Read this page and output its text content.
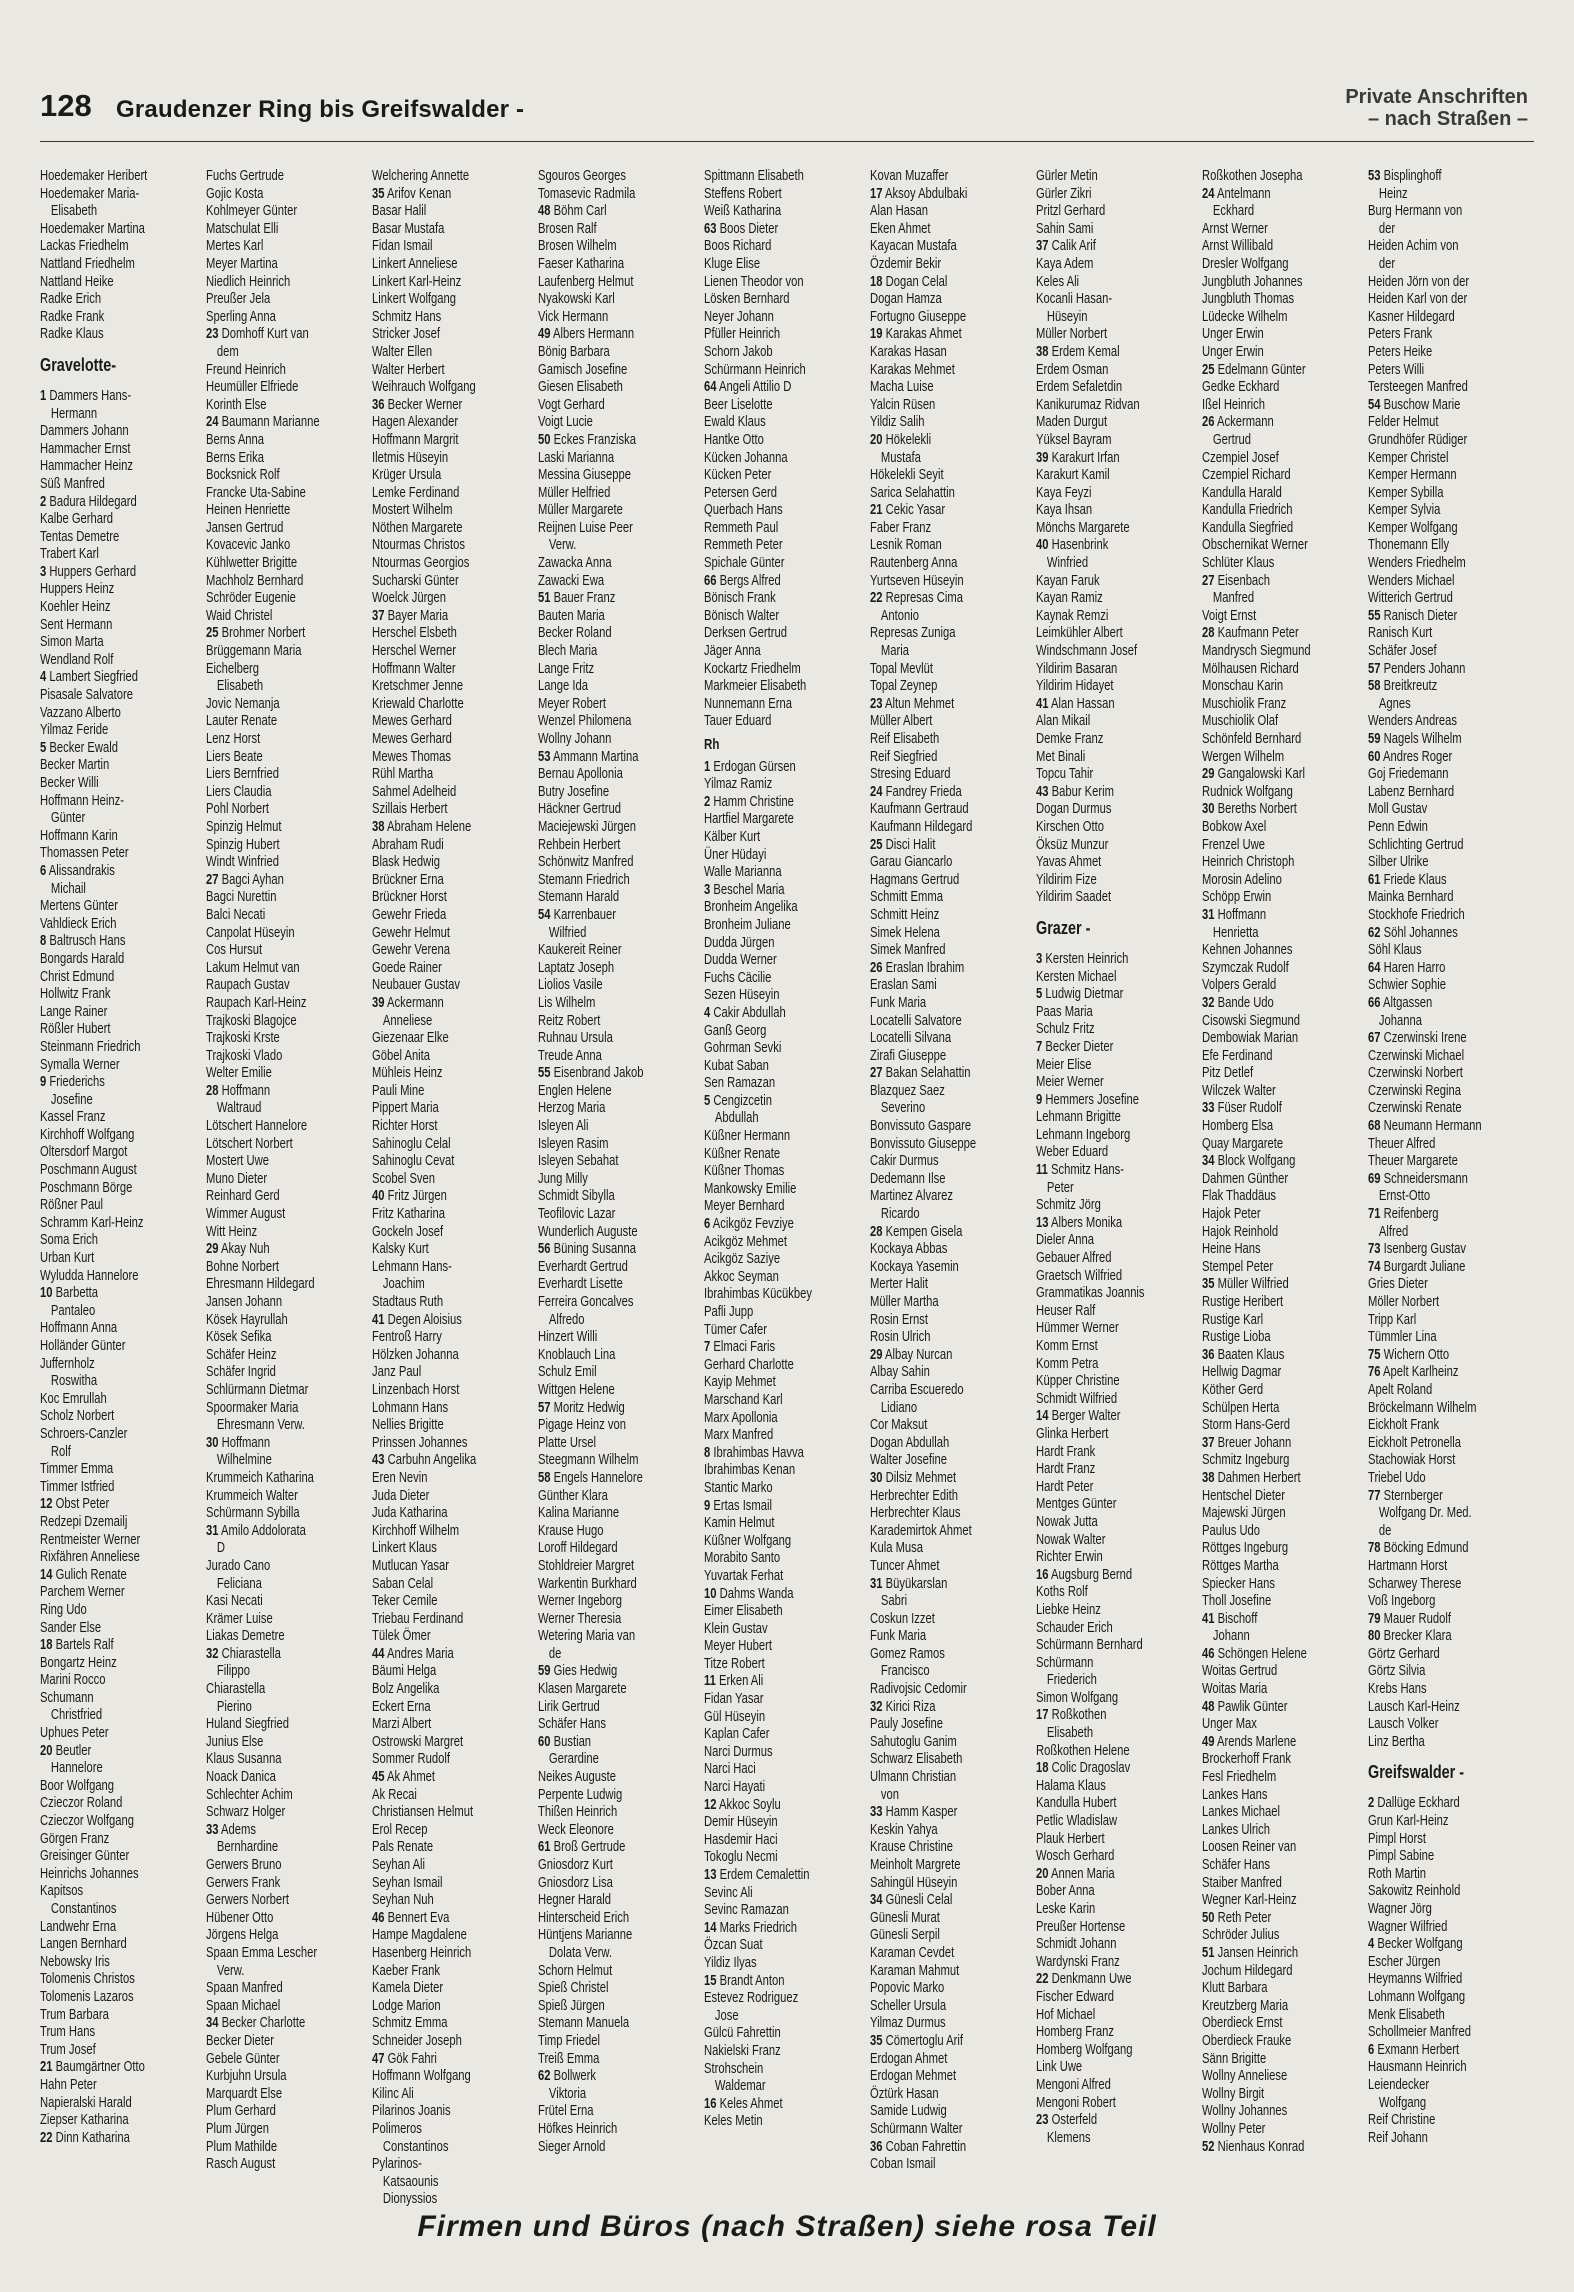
128 Graudenzer Ring bis Greifswalder -	Private Anschriften
– nach Straßen –
Hoedemaker Heribert
Hoedemaker Maria-
Elisabeth
Hoedemaker Martina
Lackas Friedhelm
Nattland Friedhelm
Nattland Heike
Radke Erich
Radke Frank
Radke Klaus
Gravelotte-
1 Dammers Hans-
Hermann
Dammers Johann
Hammacher Ernst
Hammacher Heinz
Süß Manfred
2 Badura Hildegard
Kalbe Gerhard
Tentas Demetre
Trabert Karl
3 Huppers Gerhard
Huppers Heinz
Koehler Heinz
Sent Hermann
Simon Marta
Wendland Rolf
4 Lambert Siegfried
Pisasale Salvatore
Vazzano Alberto
Yilmaz Feride
5 Becker Ewald
Becker Martin
Becker Willi
Hoffmann Heinz-
Günter
Hoffmann Karin
Thomassen Peter
6 Alissandrakis
Michail
Mertens Günter
Vahldieck Erich
8 Baltrusch Hans
Bongards Harald
Christ Edmund
Hollwitz Frank
Lange Rainer
Rößler Hubert
Steinmann Friedrich
Symalla Werner
9 Friederichs
Josefine
Kassel Franz
Kirchhoff Wolfgang
Oltersdorf Margot
Poschmann August
Poschmann Börge
Rößner Paul
Schramm Karl-Heinz
Soma Erich
Urban Kurt
Wyludda Hannelore
10 Barbetta
Pantaleo
Hoffmann Anna
Holländer Günter
Juffernholz
Roswitha
Koc Emrullah
Scholz Norbert
Schroers-Canzler
Rolf
Timmer Emma
Timmer Istfried
12 Obst Peter
Redzepi Dzemailj
Rentmeister Werner
Rixfähren Anneliese
14 Gulich Renate
Parchem Werner
Ring Udo
Sander Else
18 Bartels Ralf
Bongartz Heinz
Marini Rocco
Schumann
Christfried
Uphues Peter
20 Beutler
Hannelore
Boor Wolfgang
Czieczor Roland
Czieczor Wolfgang
Görgen Franz
Greisinger Günter
Heinrichs Johannes
Kapitsos
Constantinos
Landwehr Erna
Langen Bernhard
Nebowsky Iris
Tolomenis Christos
Tolomenis Lazaros
Trum Barbara
Trum Hans
Trum Josef
21 Baumgärtner Otto
Hahn Peter
Napieralski Harald
Ziepser Katharina
22 Dinn Katharina
Fuchs Gertrude
Gojic Kosta
Kohlmeyer Günter
Matschulat Elli
Mertes Karl
Meyer Martina
Niedlich Heinrich
Preußer Jela
Sperling Anna
23 Domhoff Kurt van
dem
Freund Heinrich
Heumüller Elfriede
Korinth Else
24 Baumann Marianne
Berns Anna
Berns Erika
Bocksnick Rolf
Francke Uta-Sabine
Heinen Henriette
Jansen Gertrud
Kovacevic Janko
Kühlwetter Brigitte
Machholz Bernhard
Schröder Eugenie
Waid Christel
25 Brohmer Norbert
Brüggemann Maria
Eichelberg
Elisabeth
Jovic Nemanja
Lauter Renate
Lenz Horst
Liers Beate
Liers Bernfried
Liers Claudia
Pohl Norbert
Spinzig Helmut
Spinzig Hubert
Windt Winfried
27 Bagci Ayhan
Bagci Nurettin
Balci Necati
Canpolat Hüseyin
Cos Hursut
Lakum Helmut van
Raupach Gustav
Raupach Karl-Heinz
Trajkoski Blagojce
Trajkoski Krste
Trajkoski Vlado
Welter Emilie
28 Hoffmann
Waltraud
Lötschert Hannelore
Lötschert Norbert
Mostert Uwe
Muno Dieter
Reinhard Gerd
Wimmer August
Witt Heinz
29 Akay Nuh
Bohne Norbert
Ehresmann Hildegard
Jansen Johann
Kösek Hayrullah
Kösek Sefika
Schäfer Heinz
Schäfer Ingrid
Schlürmann Dietmar
Spoormaker Maria
Ehresmann Verw.
30 Hoffmann
Wilhelmine
Krummeich Katharina
Krummeich Walter
Schürmann Sybilla
31 Amilo Addolorata
D
Jurado Cano
Feliciana
Kasi Necati
Krämer Luise
Liakas Demetre
32 Chiarastella
Filippo
Chiarastella
Pierino
Huland Siegfried
Junius Else
Klaus Susanna
Noack Danica
Schlechter Achim
Schwarz Holger
33 Adems
Bernhardine
Gerwers Bruno
Gerwers Frank
Gerwers Norbert
Hübener Otto
Jörgens Helga
Spaan Emma Lescher
Verw.
Spaan Manfred
Spaan Michael
34 Becker Charlotte
Becker Dieter
Gebele Günter
Kurbjuhn Ursula
Marquardt Else
Plum Gerhard
Plum Jürgen
Plum Mathilde
Rasch August
Welchering Annette
35 Arifov Kenan
Basar Halil
Basar Mustafa
Fidan Ismail
Linkert Anneliese
Linkert Karl-Heinz
Linkert Wolfgang
Schmitz Hans
Stricker Josef
Walter Ellen
Walter Herbert
Weihrauch Wolfgang
36 Becker Werner
Hagen Alexander
Hoffmann Margrit
Iletmis Hüseyin
Krüger Ursula
Lemke Ferdinand
Mostert Wilhelm
Nöthen Margarete
Ntourmas Christos
Ntourmas Georgios
Sucharski Günter
Woelck Jürgen
37 Bayer Maria
Herschel Elsbeth
Herschel Werner
Hoffmann Walter
Kretschmer Jenne
Kriewald Charlotte
Mewes Gerhard
Mewes Gerhard
Mewes Thomas
Rühl Martha
Sahmel Adelheid
Szillais Herbert
38 Abraham Helene
Abraham Rudi
Blask Hedwig
Brückner Erna
Brückner Horst
Gewehr Frieda
Gewehr Helmut
Gewehr Verena
Goede Rainer
Neubauer Gustav
39 Ackermann
Anneliese
Giezenaar Elke
Göbel Anita
Mühleis Heinz
Pauli Mine
Pippert Maria
Richter Horst
Sahinoglu Celal
Sahinoglu Cevat
Scobel Sven
40 Fritz Jürgen
Fritz Katharina
Gockeln Josef
Kalsky Kurt
Lehmann Hans-
Joachim
Stadtaus Ruth
41 Degen Aloisius
Fentroß Harry
Hölzken Johanna
Janz Paul
Linzenbach Horst
Lohmann Hans
Nellies Brigitte
Prinssen Johannes
43 Carbuhn Angelika
Eren Nevin
Juda Dieter
Juda Katharina
Kirchhoff Wilhelm
Linkert Klaus
Mutlucan Yasar
Saban Celal
Teker Cemile
Triebau Ferdinand
Tülek Ömer
44 Andres Maria
Bäumi Helga
Bolz Angelika
Eckert Erna
Marzi Albert
Ostrowski Margret
Sommer Rudolf
45 Ak Ahmet
Ak Recai
Christiansen Helmut
Erol Recep
Pals Renate
Seyhan Ali
Seyhan Ismail
Seyhan Nuh
46 Bennert Eva
Hampe Magdalene
Hasenberg Heinrich
Kaeber Frank
Kamela Dieter
Lodge Marion
Schmitz Emma
Schneider Joseph
47 Gök Fahri
Hoffmann Wolfgang
Kilinc Ali
Pilarinos Joanis
Polimeros
Constantinos
Pylarinos-
Katsaounis
Dionyssios
Sgouros Georges
Tomasevic Radmila
48 Böhm Carl
Brosen Ralf
Brosen Wilhelm
Faeser Katharina
Laufenberg Helmut
Nyakowski Karl
Vick Hermann
49 Albers Hermann
Bönig Barbara
Gamisch Josefine
Giesen Elisabeth
Vogt Gerhard
Voigt Lucie
50 Eckes Franziska
Laski Marianna
Messina Giuseppe
Müller Helfried
Müller Margarete
Reijnen Luise Peer
Verw.
Zawacka Anna
Zawacki Ewa
51 Bauer Franz
Bauten Maria
Becker Roland
Blech Maria
Lange Fritz
Lange Ida
Meyer Robert
Wenzel Philomena
Wollny Johann
53 Ammann Martina
Bernau Apollonia
Butry Josefine
Häckner Gertrud
Maciejewski Jürgen
Rehbein Herbert
Schönwitz Manfred
Stemann Friedrich
Stemann Harald
54 Karrenbauer
Wilfried
Kaukereit Reiner
Laptatz Joseph
Liolios Vasile
Lis Wilhelm
Reitz Robert
Ruhnau Ursula
Treude Anna
55 Eisenbrand Jakob
Englen Helene
Herzog Maria
Isleyen Ali
Isleyen Rasim
Isleyen Sebahat
Jung Milly
Schmidt Sibylla
Teofilovic Lazar
Wunderlich Auguste
56 Büning Susanna
Everhardt Gertrud
Everhardt Lisette
Ferreira Goncalves
Alfredo
Hinzert Willi
Knoblauch Lina
Schulz Emil
Wittgen Helene
57 Moritz Hedwig
Pigage Heinz von
Platte Ursel
Steegmann Wilhelm
58 Engels Hannelore
Günther Klara
Kalina Marianne
Krause Hugo
Loroff Hildegard
Stohldreier Margret
Warkentin Burkhard
Werner Ingeborg
Werner Theresia
Wetering Maria van
de
59 Gies Hedwig
Klasen Margarete
Lirik Gertrud
Schäfer Hans
60 Bustian
Gerardine
Neikes Auguste
Perpente Ludwig
Thißen Heinrich
Weck Eleonore
61 Broß Gertrude
Gniosdorz Kurt
Gniosdorz Lisa
Hegner Harald
Hinterscheid Erich
Hüntjens Marianne
Dolata Verw.
Schorn Helmut
Spieß Christel
Spieß Jürgen
Stemann Manuela
Timp Friedel
Treiß Emma
62 Bollwerk
Viktoria
Frütel Erna
Höfkes Heinrich
Sieger Arnold
Spittmann Elisabeth
Steffens Robert
Weiß Katharina
63 Boos Dieter
Boos Richard
Kluge Elise
Lienen Theodor von
Lösken Bernhard
Neyer Johann
Pfüller Heinrich
Schorn Jakob
Schürmann Heinrich
64 Angeli Attilio D
Beer Liselotte
Ewald Klaus
Hantke Otto
Kücken Johanna
Kücken Peter
Petersen Gerd
Querbach Hans
Remmeth Paul
Remmeth Peter
Spichale Günter
66 Bergs Alfred
Bönisch Frank
Bönisch Walter
Derksen Gertrud
Jäger Anna
Kockartz Friedhelm
Markmeier Elisabeth
Nunnemann Erna
Tauer Eduard
Rh
1 Erdogan Gürsen
Yilmaz Ramiz
2 Hamm Christine
Hartfiel Margarete
Kälber Kurt
Üner Hüdayi
Walle Marianna
3 Beschel Maria
Bronheim Angelika
Bronheim Juliane
Dudda Jürgen
Dudda Werner
Fuchs Cäcilie
Sezen Hüseyin
4 Cakir Abdullah
Ganß Georg
Gohrman Sevki
Kubat Saban
Sen Ramazan
5 Cengizcetin
Abdullah
Küßner Hermann
Küßner Renate
Küßner Thomas
Mankowsky Emilie
Meyer Bernhard
6 Acikgöz Fevziye
Acikgöz Mehmet
Acikgöz Saziye
Akkoc Seyman
Ibrahimbas Kücükbey
Pafli Jupp
Tümer Cafer
7 Elmaci Faris
Gerhard Charlotte
Kayip Mehmet
Marschand Karl
Marx Apollonia
Marx Manfred
8 Ibrahimbas Havva
Ibrahimbas Kenan
Stantic Marko
9 Ertas Ismail
Kamin Helmut
Küßner Wolfgang
Morabito Santo
Yuvartak Ferhat
10 Dahms Wanda
Eimer Elisabeth
Klein Gustav
Meyer Hubert
Titze Robert
11 Erken Ali
Fidan Yasar
Gül Hüseyin
Kaplan Cafer
Narci Durmus
Narci Haci
Narci Hayati
12 Akkoc Soylu
Demir Hüseyin
Hasdemir Haci
Tokoglu Necmi
13 Erdem Cemalettin
Sevinc Ali
Sevinc Ramazan
14 Marks Friedrich
Özcan Suat
Yildiz Ilyas
15 Brandt Anton
Estevez Rodriguez
Jose
Gülcü Fahrettin
Nakielski Franz
Strohschein
Waldemar
16 Keles Ahmet
Keles Metin
Kovan Muzaffer
17 Aksoy Abdulbaki
Alan Hasan
Eken Ahmet
Kayacan Mustafa
Özdemir Bekir
18 Dogan Celal
Dogan Hamza
Fortugno Giuseppe
19 Karakas Ahmet
Karakas Hasan
Karakas Mehmet
Macha Luise
Yalcin Rüsen
Yildiz Salih
20 Hökelekli
Mustafa
Hökelekli Seyit
Sarica Selahattin
21 Cekic Yasar
Faber Franz
Lesnik Roman
Rautenberg Anna
Yurtseven Hüseyin
22 Represas Cima
Antonio
Represas Zuniga
Maria
Topal Mevlüt
Topal Zeynep
23 Altun Mehmet
Müller Albert
Reif Elisabeth
Reif Siegfried
Stresing Eduard
24 Fandrey Frieda
Kaufmann Gertraud
Kaufmann Hildegard
25 Disci Halit
Garau Giancarlo
Hagmans Gertrud
Schmitt Emma
Schmitt Heinz
Simek Helena
Simek Manfred
26 Eraslan Ibrahim
Eraslan Sami
Funk Maria
Locatelli Salvatore
Locatelli Silvana
Zirafi Giuseppe
27 Bakan Selahattin
Blazquez Saez
Severino
Bonvissuto Gaspare
Bonvissuto Giuseppe
Cakir Durmus
Dedemann Ilse
Martinez Alvarez
Ricardo
28 Kempen Gisela
Kockaya Abbas
Kockaya Yasemin
Merter Halit
Müller Martha
Rosin Ernst
Rosin Ulrich
29 Albay Nurcan
Albay Sahin
Carriba Escueredo
Lidiano
Cor Maksut
Dogan Abdullah
Walter Josefine
30 Dilsiz Mehmet
Herbrechter Edith
Herbrechter Klaus
Karademirtok Ahmet
Kula Musa
Tuncer Ahmet
31 Büyükarslan
Sabri
Coskun Izzet
Funk Maria
Gomez Ramos
Francisco
Radivojsic Cedomir
32 Kirici Riza
Pauly Josefine
Sahutoglu Ganim
Schwarz Elisabeth
Ulmann Christian
von
33 Hamm Kasper
Keskin Yahya
Krause Christine
Meinholt Margrete
Sahingül Hüseyin
34 Günesli Celal
Günesli Murat
Günesli Serpil
Karaman Cevdet
Karaman Mahmut
Popovic Marko
Scheller Ursula
Yilmaz Durmus
35 Cömertoglu Arif
Erdogan Ahmet
Erdogan Mehmet
Öztürk Hasan
Samide Ludwig
Schürmann Walter
36 Coban Fahrettin
Coban Ismail
Gürler Metin
Gürler Zikri
Pritzl Gerhard
Sahin Sami
37 Calik Arif
Kaya Adem
Keles Ali
Kocanli Hasan-
Hüseyin
Müller Norbert
38 Erdem Kemal
Erdem Osman
Erdem Sefaletdin
Kanikurumaz Ridvan
Maden Durgut
Yüksel Bayram
39 Karakurt Irfan
Karakurt Kamil
Kaya Feyzi
Kaya Ihsan
Mönchs Margarete
40 Hasenbrink
Winfried
Kayan Faruk
Kayan Ramiz
Kaynak Remzi
Leimkühler Albert
Windschmann Josef
Yildirim Basaran
Yildirim Hidayet
41 Alan Hassan
Alan Mikail
Demke Franz
Met Binali
Topcu Tahir
43 Babur Kerim
Dogan Durmus
Kirschen Otto
Öksüz Munzur
Yavas Ahmet
Yildirim Fize
Yildirim Saadet
Grazer -
3 Kersten Heinrich
Kersten Michael
5 Ludwig Dietmar
Paas Maria
Schulz Fritz
7 Becker Dieter
Meier Elise
Meier Werner
9 Hemmers Josefine
Lehmann Brigitte
Lehmann Ingeborg
Weber Eduard
11 Schmitz Hans-
Peter
Schmitz Jörg
13 Albers Monika
Dieler Anna
Gebauer Alfred
Graetsch Wilfried
Grammatikas Joannis
Heuser Ralf
Hümmer Werner
Komm Ernst
Komm Petra
Küpper Christine
Schmidt Wilfried
14 Berger Walter
Glinka Herbert
Hardt Frank
Hardt Franz
Hardt Peter
Mentges Günter
Nowak Jutta
Nowak Walter
Richter Erwin
16 Augsburg Bernd
Koths Rolf
Liebke Heinz
Schauder Erich
Schürmann Bernhard
Schürmann
Friederich
Simon Wolfgang
17 Roßkothen
Elisabeth
Roßkothen Helene
18 Colic Dragoslav
Halama Klaus
Kandulla Hubert
Petlic Wladislaw
Plauk Herbert
Wosch Gerhard
20 Annen Maria
Bober Anna
Leske Karin
Preußer Hortense
Schmidt Johann
Wardynski Franz
22 Denkmann Uwe
Fischer Edward
Hof Michael
Homberg Franz
Homberg Wolfgang
Link Uwe
Mengoni Alfred
Mengoni Robert
23 Osterfeld
Klemens
Roßkothen Josepha
24 Antelmann
Eckhard
Arnst Werner
Arnst Willibald
Dresler Wolfgang
Jungbluth Johannes
Jungbluth Thomas
Lüdecke Wilhelm
Unger Erwin
Unger Erwin
25 Edelmann Günter
Gedke Eckhard
Ißel Heinrich
26 Ackermann
Gertrud
Czempiel Josef
Czempiel Richard
Kandulla Harald
Kandulla Friedrich
Kandulla Siegfried
Obschernikat Werner
Schlüter Klaus
27 Eisenbach
Manfred
Voigt Ernst
28 Kaufmann Peter
Mandrysch Siegmund
Mölhausen Richard
Monschau Karin
Muschiolik Franz
Muschiolik Olaf
Schönfeld Bernhard
Wergen Wilhelm
29 Gangalowski Karl
Rudnick Wolfgang
30 Bereths Norbert
Bobkow Axel
Frenzel Uwe
Heinrich Christoph
Morosin Adelino
Schöpp Erwin
31 Hoffmann
Henrietta
Kehnen Johannes
Szymczak Rudolf
Volpers Gerald
32 Bande Udo
Cisowski Siegmund
Dembowiak Marian
Efe Ferdinand
Pitz Detlef
Wilczek Walter
33 Füser Rudolf
Homberg Elsa
Quay Margarete
34 Block Wolfgang
Dahmen Günther
Flak Thaddäus
Hajok Peter
Hajok Reinhold
Heine Hans
Stempel Peter
35 Müller Wilfried
Rustige Heribert
Rustige Karl
Rustige Lioba
36 Baaten Klaus
Hellwig Dagmar
Köther Gerd
Schülpen Herta
Storm Hans-Gerd
37 Breuer Johann
Schmitz Ingeburg
38 Dahmen Herbert
Hentschel Dieter
Majewski Jürgen
Paulus Udo
Röttges Ingeburg
Röttges Martha
Spiecker Hans
Tholl Josefine
41 Bischoff
Johann
46 Schöngen Helene
Woitas Gertrud
Woitas Maria
48 Pawlik Günter
Unger Max
49 Arends Marlene
Brockerhoff Frank
Fesl Friedhelm
Lankes Hans
Lankes Michael
Lankes Ulrich
Loosen Reiner van
Schäfer Hans
Staiber Manfred
Wegner Karl-Heinz
50 Reth Peter
Schröder Julius
51 Jansen Heinrich
Jochum Hildegard
Klutt Barbara
Kreutzberg Maria
Oberdieck Ernst
Oberdieck Frauke
Sänn Brigitte
Wollny Anneliese
Wollny Birgit
Wollny Johannes
Wollny Peter
52 Nienhaus Konrad
53 Bisplinghoff
Heinz
Burg Hermann von
der
Heiden Achim von
der
Heiden Jörn von der
Heiden Karl von der
Kasner Hildegard
Peters Frank
Peters Heike
Peters Willi
Tersteegen Manfred
54 Buschow Marie
Felder Helmut
Grundhöfer Rüdiger
Kemper Christel
Kemper Hermann
Kemper Sybilla
Kemper Sylvia
Kemper Wolfgang
Thonemann Elly
Wenders Friedhelm
Wenders Michael
Witterich Gertrud
55 Ranisch Dieter
Ranisch Kurt
Schäfer Josef
57 Penders Johann
58 Breitkreutz
Agnes
Wenders Andreas
59 Nagels Wilhelm
60 Andres Roger
Goj Friedemann
Labenz Bernhard
Moll Gustav
Penn Edwin
Schlichting Gertrud
Silber Ulrike
61 Friede Klaus
Mainka Bernhard
Stockhofe Friedrich
62 Söhl Johannes
Söhl Klaus
64 Haren Harro
Schwier Sophie
66 Altgassen
Johanna
67 Czerwinski Irene
Czerwinski Michael
Czerwinski Norbert
Czerwinski Regina
Czerwinski Renate
68 Neumann Hermann
Theuer Alfred
Theuer Margarete
69 Schneidersmann
Ernst-Otto
71 Reifenberg
Alfred
73 Isenberg Gustav
74 Burgardt Juliane
Gries Dieter
Möller Norbert
Tripp Karl
Tümmler Lina
75 Wichern Otto
76 Apelt Karlheinz
Apelt Roland
Bröckelmann Wilhelm
Eickholt Frank
Eickholt Petronella
Stachowiak Horst
Triebel Udo
77 Sternberger
Wolfgang Dr. Med.
de
78 Böcking Edmund
Hartmann Horst
Scharwey Therese
Voß Ingeborg
79 Mauer Rudolf
80 Brecker Klara
Görtz Gerhard
Görtz Silvia
Krebs Hans
Lausch Karl-Heinz
Lausch Volker
Linz Bertha
Greifswalder -
2 Dallüge Eckhard
Grun Karl-Heinz
Pimpl Horst
Pimpl Sabine
Roth Martin
Sakowitz Reinhold
Wagner Jörg
Wagner Wilfried
4 Becker Wolfgang
Escher Jürgen
Heymanns Wilfried
Lohmann Wolfgang
Menk Elisabeth
Schollmeier Manfred
6 Exmann Herbert
Hausmann Heinrich
Leiendecker
Wolfgang
Reif Christine
Reif Johann
Firmen und Büros (nach Straßen) siehe rosa Teil
